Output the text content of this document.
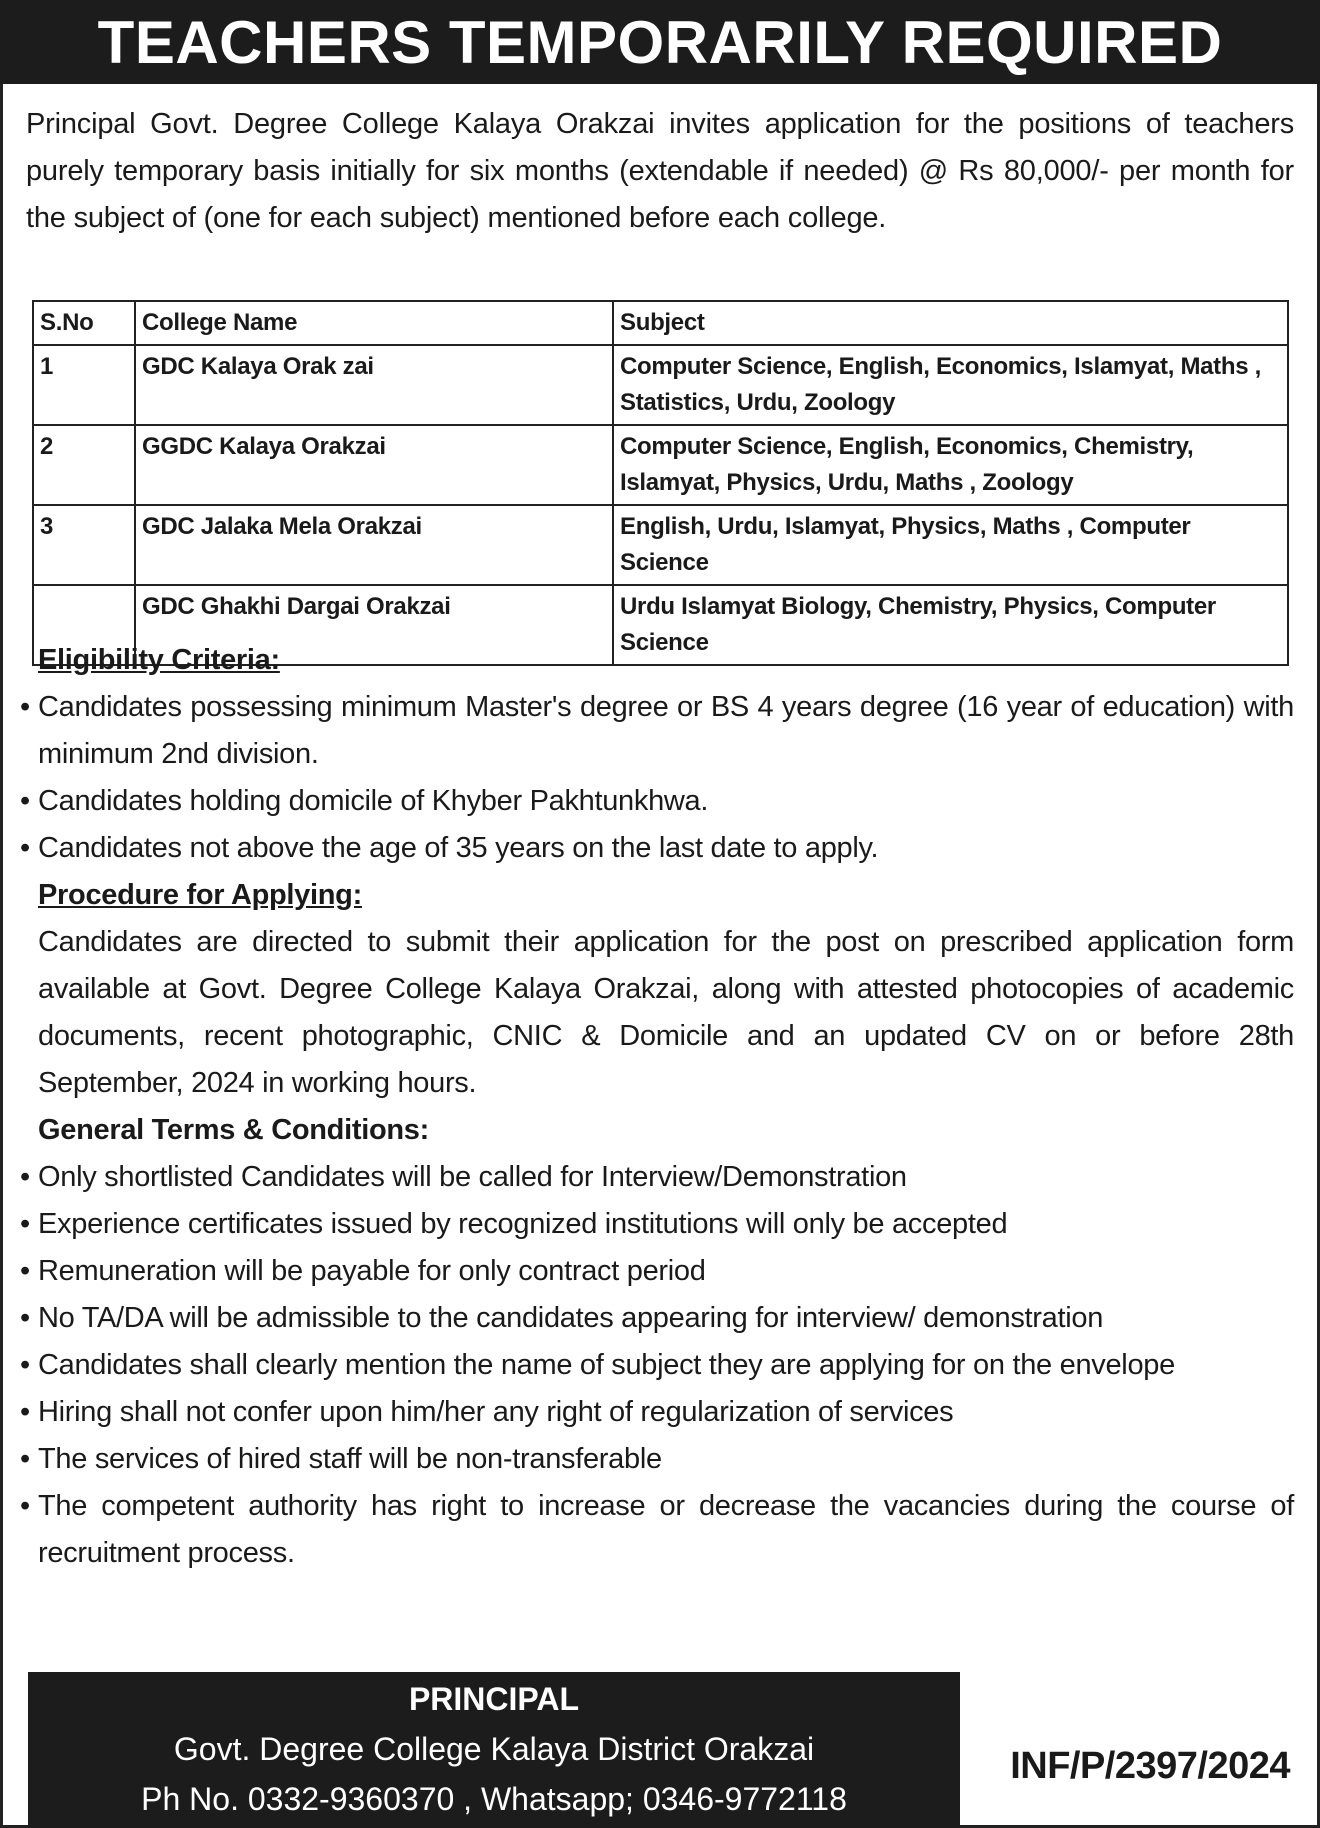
TEACHERS TEMPORARILY REQUIRED
Principal Govt. Degree College Kalaya Orakzai invites application for the positions of teachers purely temporary basis initially for six months (extendable if needed) @ Rs 80,000/- per month for the subject of (one for each subject) mentioned before each college.
S.No	College Name	Subject
1	GDC Kalaya Orak zai	Computer Science, English, Economics, Islamyat, Maths , Statistics, Urdu, Zoology
2	GGDC Kalaya Orakzai	Computer Science, English, Economics, Chemistry, Islamyat, Physics, Urdu, Maths , Zoology
3	GDC Jalaka Mela Orakzai	English, Urdu, Islamyat, Physics, Maths , Computer Science
	GDC Ghakhi Dargai Orakzai	Urdu Islamyat Biology, Chemistry, Physics, Computer Science
Eligibility Criteria:
• Candidates possessing minimum Master's degree or BS 4 years degree (16 year of education) with minimum 2nd division.
• Candidates holding domicile of Khyber Pakhtunkhwa.
• Candidates not above the age of 35 years on the last date to apply.
Procedure for Applying:
Candidates are directed to submit their application for the post on prescribed application form available at Govt. Degree College Kalaya Orakzai, along with attested photocopies of academic documents, recent photographic, CNIC & Domicile and an updated CV on or before 28th September, 2024 in working hours.
General Terms & Conditions:
• Only shortlisted Candidates will be called for Interview/Demonstration
• Experience certificates issued by recognized institutions will only be accepted
• Remuneration will be payable for only contract period
• No TA/DA will be admissible to the candidates appearing for interview/ demonstration
• Candidates shall clearly mention the name of subject they are applying for on the envelope
• Hiring shall not confer upon him/her any right of regularization of services
• The services of hired staff will be non-transferable
• The competent authority has right to increase or decrease the vacancies during the course of recruitment process.
PRINCIPAL
Govt. Degree College Kalaya District Orakzai
Ph No. 0332-9360370 , Whatsapp; 0346-9772118
INF/P/2397/2024
